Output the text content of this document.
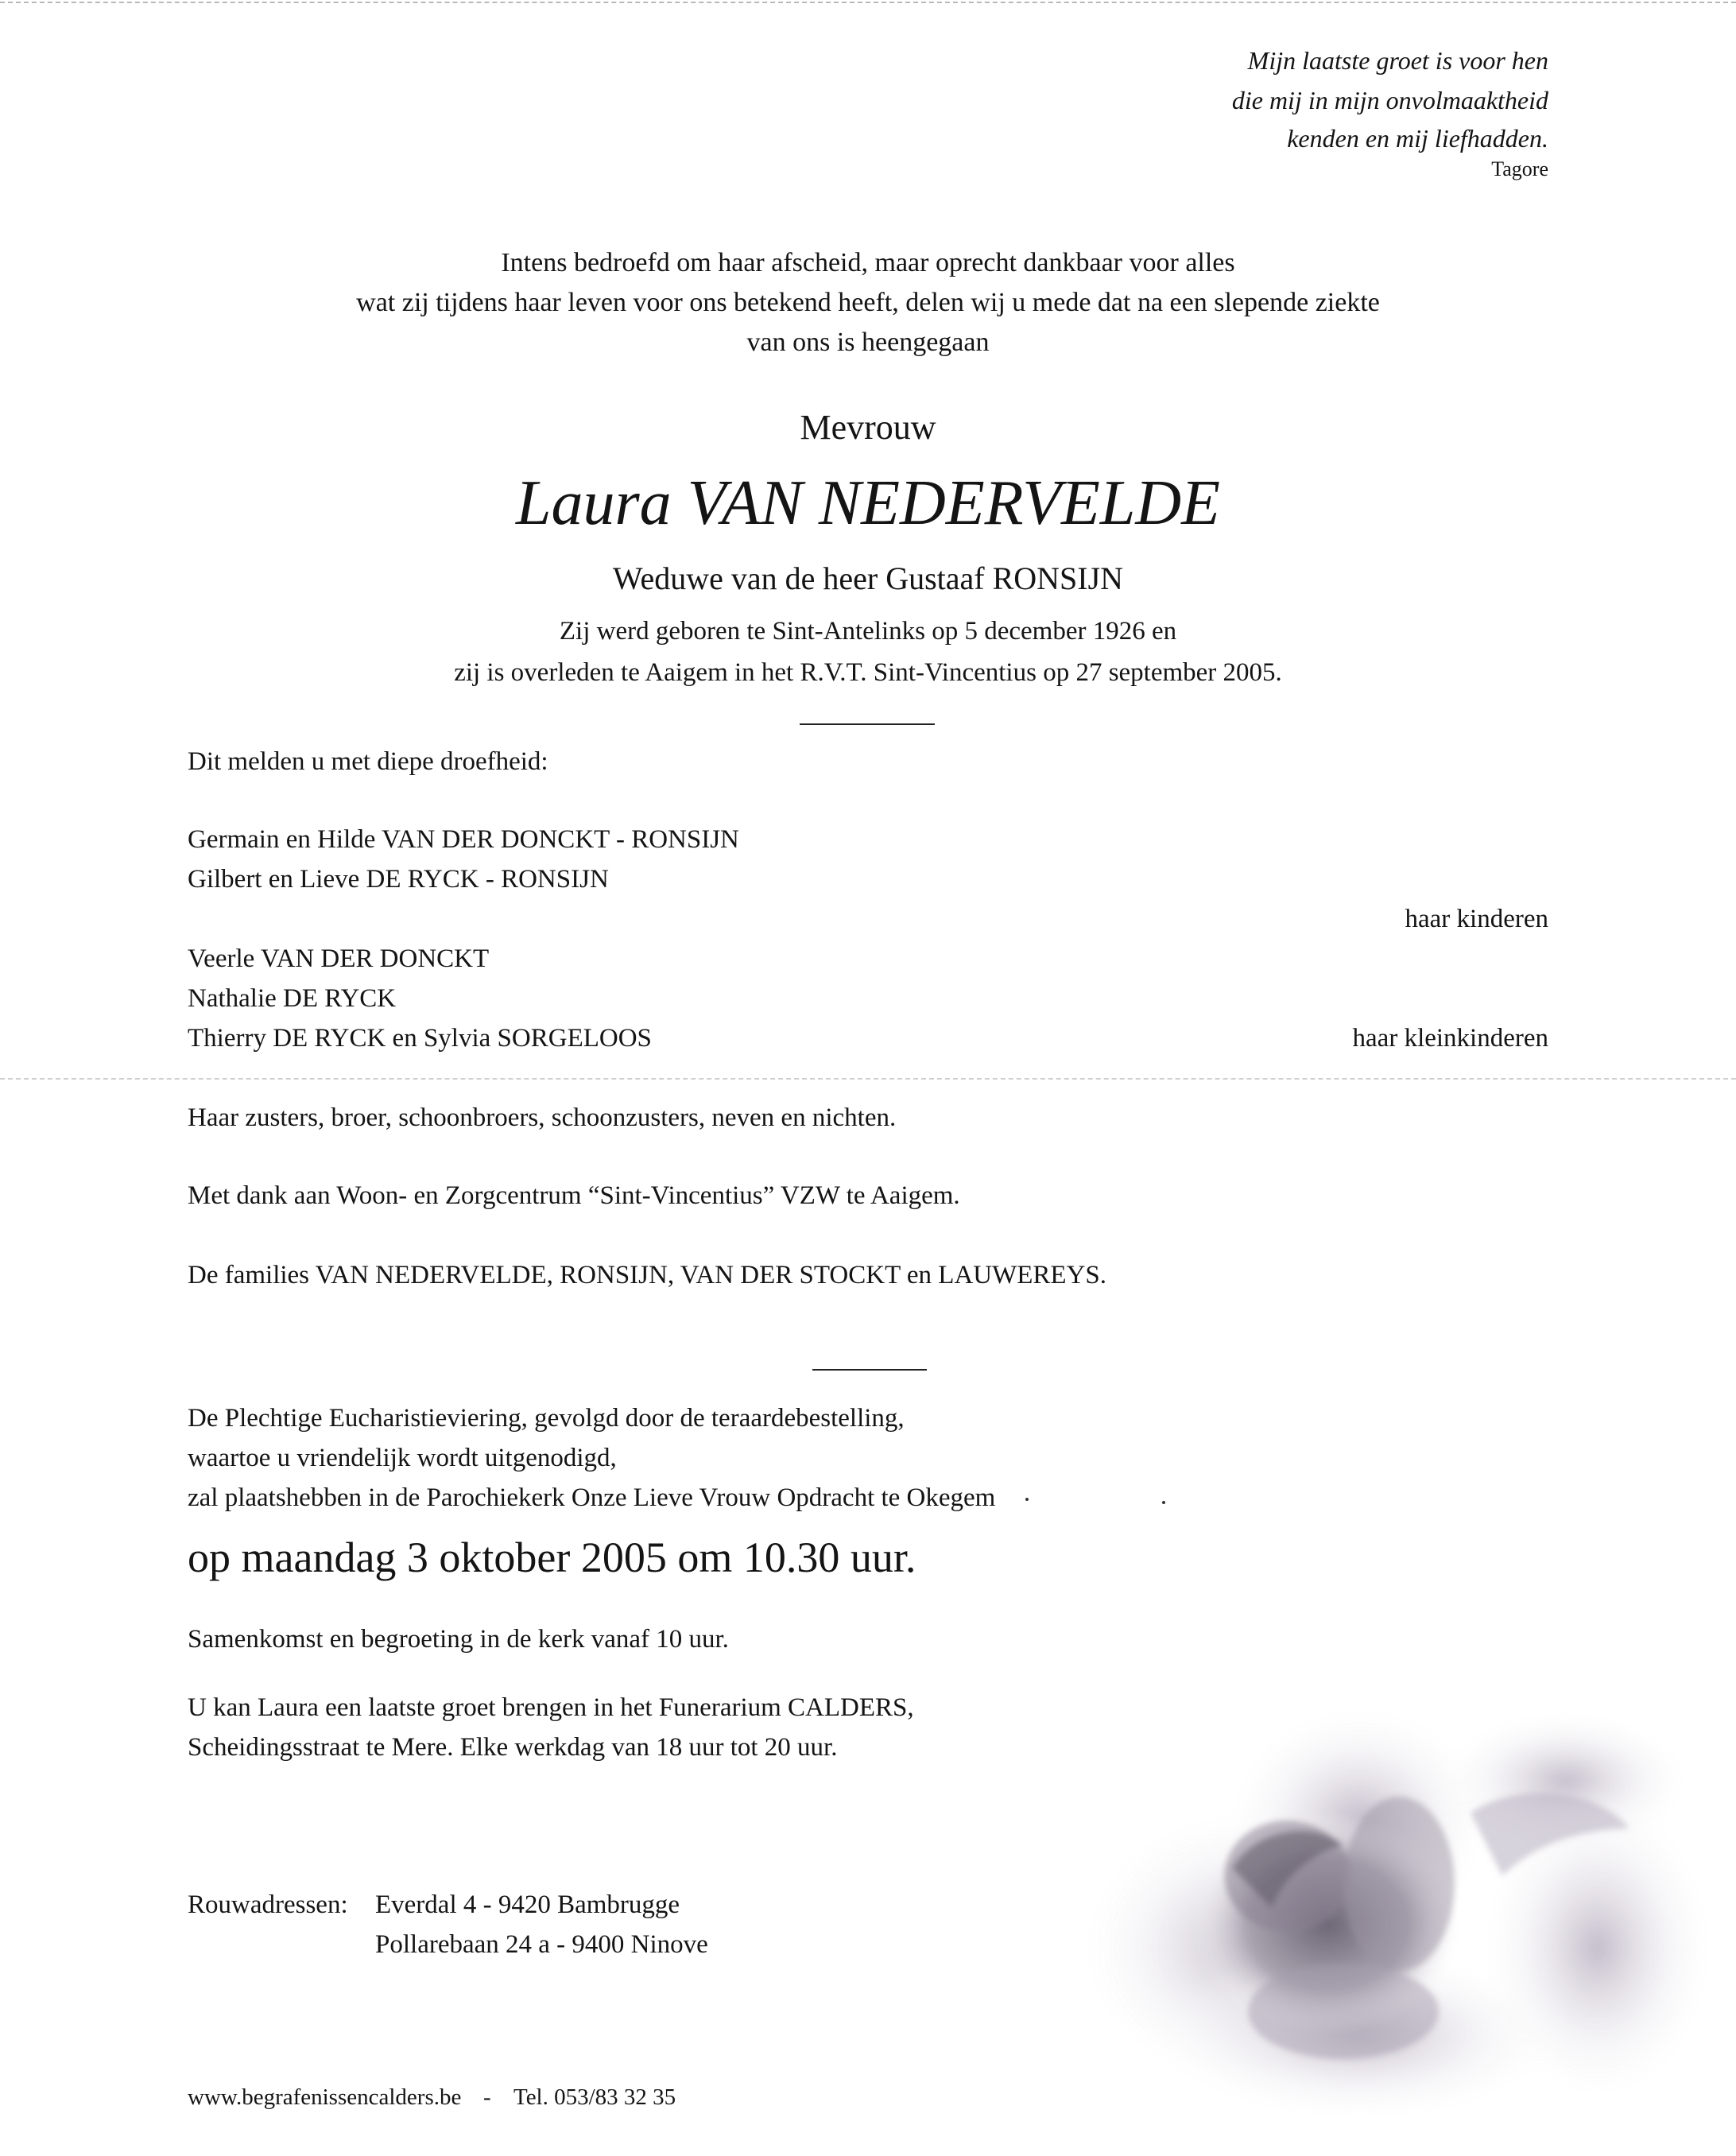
Mijn laatste groet is voor hen
die mij in mijn onvolmaaktheid
kenden en mij liefhadden.
Tagore
Intens bedroefd om haar afscheid, maar oprecht dankbaar voor alles
wat zij tijdens haar leven voor ons betekend heeft, delen wij u mede dat na een slepende ziekte
van ons is heengegaan
Mevrouw
Laura VAN NEDERVELDE
Weduwe van de heer Gustaaf RONSIJN
Zij werd geboren te Sint-Antelinks op 5 december 1926 en
zij is overleden te Aaigem in het R.V.T. Sint-Vincentius op 27 september 2005.
Dit melden u met diepe droefheid:
Germain en Hilde VAN DER DONCKT - RONSIJN
Gilbert en Lieve DE RYCK - RONSIJN
haar kinderen
Veerle VAN DER DONCKT
Nathalie DE RYCK
Thierry DE RYCK en Sylvia SORGELOOS	haar kleinkinderen
Haar zusters, broer, schoonbroers, schoonzusters, neven en nichten.
Met dank aan Woon- en Zorgcentrum “Sint-Vincentius” VZW te Aaigem.
De families VAN NEDERVELDE, RONSIJN, VAN DER STOCKT en LAUWEREYS.
De Plechtige Eucharistieviering, gevolgd door de teraardebestelling,
waartoe u vriendelijk wordt uitgenodigd,
zal plaatshebben in de Parochiekerk Onze Lieve Vrouw Opdracht te Okegem
op maandag 3 oktober 2005 om 10.30 uur.
Samenkomst en begroeting in de kerk vanaf 10 uur.
U kan Laura een laatste groet brengen in het Funerarium CALDERS,
Scheidingsstraat te Mere. Elke werkdag van 18 uur tot 20 uur.
Rouwadressen: Everdal 4 - 9420 Bambrugge
Pollarebaan 24 a - 9400 Ninove
www.begrafenissencalders.be - Tel. 053/83 32 35
